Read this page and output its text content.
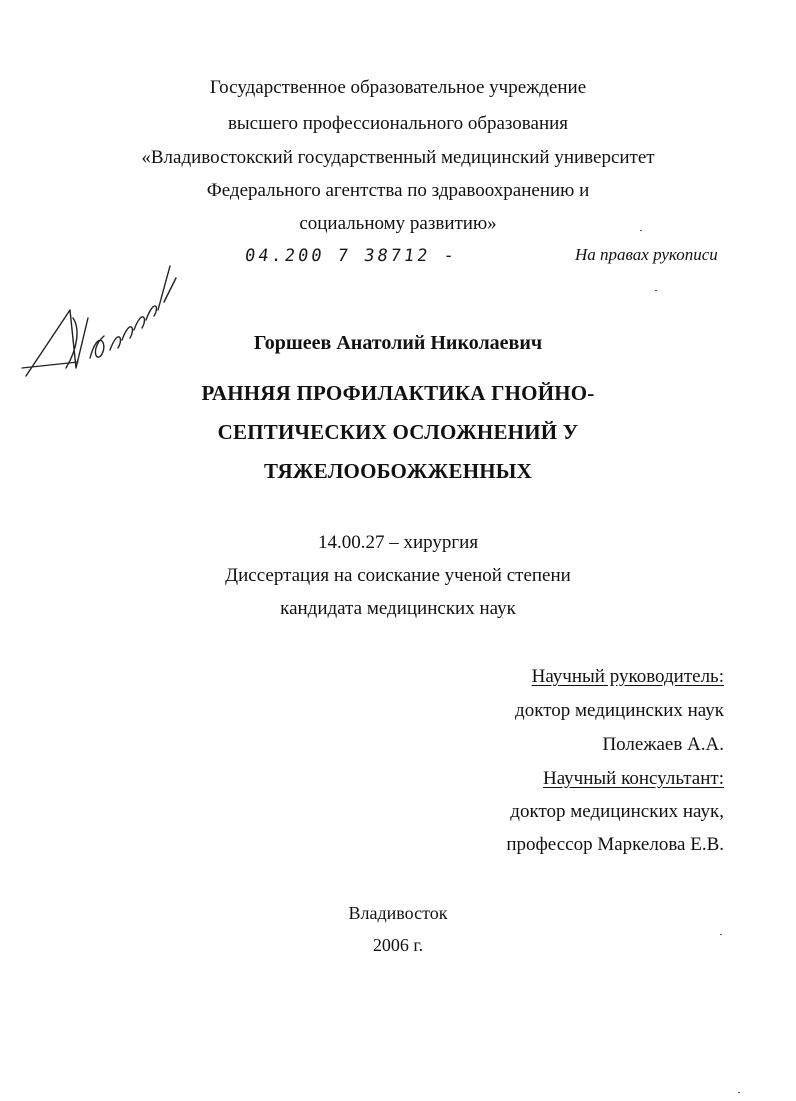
Государственное образовательное учреждение
высшего профессионального образования
«Владивостокский государственный медицинский университет
Федерального агентства по здравоохранению и
социальному развитию»
04.200 7 38712 -	На правах рукописи
Горшеев Анатолий Николаевич
РАННЯЯ ПРОФИЛАКТИКА ГНОЙНО-
СЕПТИЧЕСКИХ ОСЛОЖНЕНИЙ У
ТЯЖЕЛООБОЖЖЕННЫХ
14.00.27 – хирургия
Диссертация на соискание ученой степени
кандидата медицинских наук
Научный руководитель:
доктор медицинских наук
Полежаев А.А.
Научный консультант:
доктор медицинских наук,
профессор Маркелова Е.В.
Владивосток
2006 г.
